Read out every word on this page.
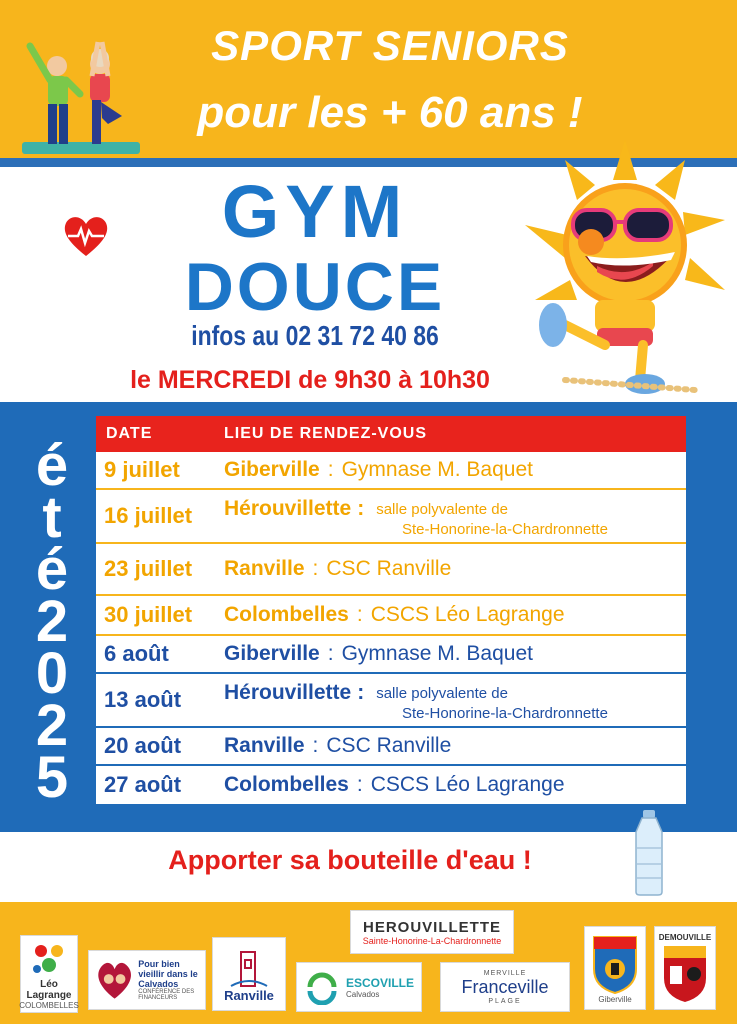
SPORT SENIORS
pour les + 60 ans !
GYM
DOUCE
infos au 02 31 72 40 86
le MERCREDI de 9h30 à 10h30
é
t
é
2
0
2
5
DATE	LIEU DE RENDEZ-VOUS
9 juillet	Giberville : Gymnase M. Baquet
16 juillet	Hérouvillette : salle polyvalente de
Ste-Honorine-la-Chardronnette
23 juillet	Ranville : CSC Ranville
30 juillet	Colombelles : CSCS Léo Lagrange
6 août	Giberville : Gymnase M. Baquet
13 août	Hérouvillette : salle polyvalente de
Ste-Honorine-la-Chardronnette
20 août	Ranville : CSC Ranville
27 août	Colombelles : CSCS Léo Lagrange
Apporter sa bouteille d'eau !
Léo Lagrange
COLOMBELLES
Pour bien vieillir dans le Calvados
CONFÉRENCE DES FINANCEURS	Ranville
HEROUVILLETTE
Sainte-Honorine-La-Chardronnette
ESCOVILLE
Calvados
MERVILLE
Franceville
PLAGE	Giberville
DEMOUVILLE
